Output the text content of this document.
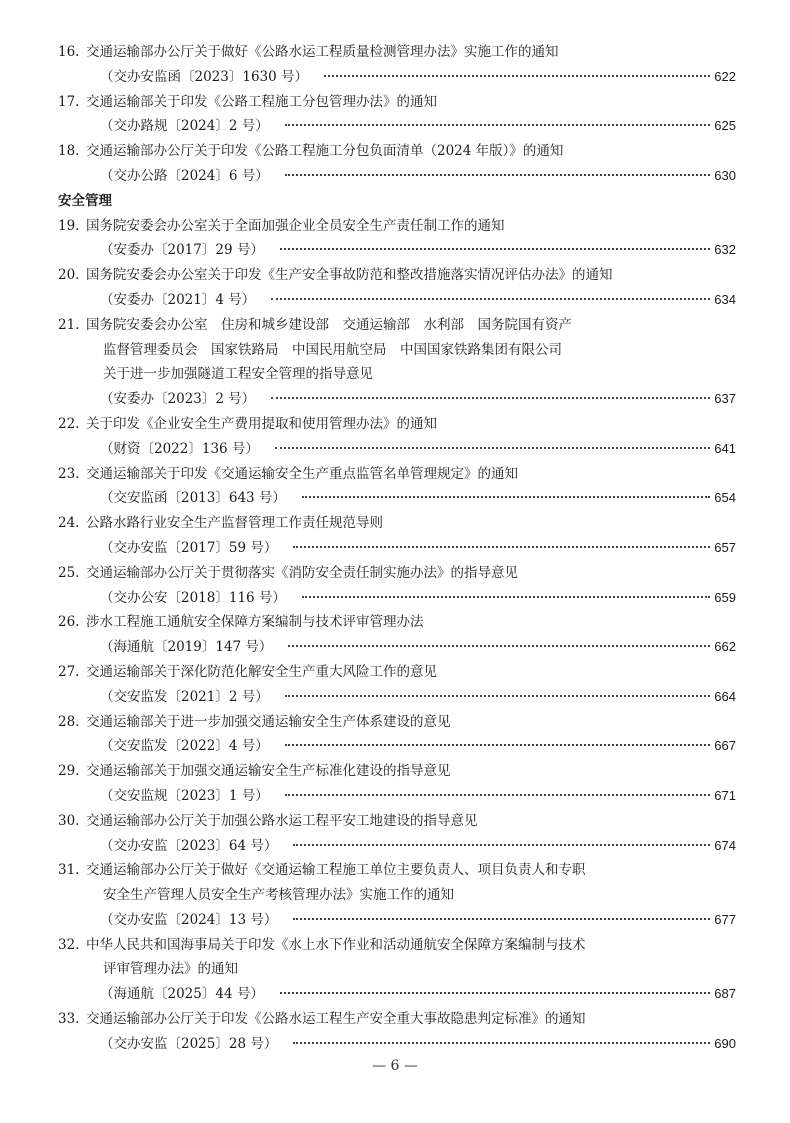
16. 交通运输部办公厅关于做好《公路水运工程质量检测管理办法》实施工作的通知
（交办安监函〔2023〕1630 号）	622
17. 交通运输部关于印发《公路工程施工分包管理办法》的通知
（交办路规〔2024〕2 号）	625
18. 交通运输部办公厅关于印发《公路工程施工分包负面清单（2024 年版）》的通知
（交办公路〔2024〕6 号）	630
安全管理
19. 国务院安委会办公室关于全面加强企业全员安全生产责任制工作的通知
（安委办〔2017〕29 号）	632
20. 国务院安委会办公室关于印发《生产安全事故防范和整改措施落实情况评估办法》的通知
（安委办〔2021〕4 号）	634
21. 国务院安委会办公室　住房和城乡建设部　交通运输部　水利部　国务院国有资产
监督管理委员会　国家铁路局　中国民用航空局　中国国家铁路集团有限公司
关于进一步加强隧道工程安全管理的指导意见
（安委办〔2023〕2 号）	637
22. 关于印发《企业安全生产费用提取和使用管理办法》的通知
（财资〔2022〕136 号）	641
23. 交通运输部关于印发《交通运输安全生产重点监管名单管理规定》的通知
（交安监函〔2013〕643 号）	654
24. 公路水路行业安全生产监督管理工作责任规范导则
（交办安监〔2017〕59 号）	657
25. 交通运输部办公厅关于贯彻落实《消防安全责任制实施办法》的指导意见
（交办公安〔2018〕116 号）	659
26. 涉水工程施工通航安全保障方案编制与技术评审管理办法
（海通航〔2019〕147 号）	662
27. 交通运输部关于深化防范化解安全生产重大风险工作的意见
（交安监发〔2021〕2 号）	664
28. 交通运输部关于进一步加强交通运输安全生产体系建设的意见
（交安监发〔2022〕4 号）	667
29. 交通运输部关于加强交通运输安全生产标准化建设的指导意见
（交安监规〔2023〕1 号）	671
30. 交通运输部办公厅关于加强公路水运工程平安工地建设的指导意见
（交办安监〔2023〕64 号）	674
31. 交通运输部办公厅关于做好《交通运输工程施工单位主要负责人、项目负责人和专职
安全生产管理人员安全生产考核管理办法》实施工作的通知
（交办安监〔2024〕13 号）	677
32. 中华人民共和国海事局关于印发《水上水下作业和活动通航安全保障方案编制与技术
评审管理办法》的通知
（海通航〔2025〕44 号）	687
33. 交通运输部办公厅关于印发《公路水运工程生产安全重大事故隐患判定标准》的通知
（交办安监〔2025〕28 号）	690
— 6 —
